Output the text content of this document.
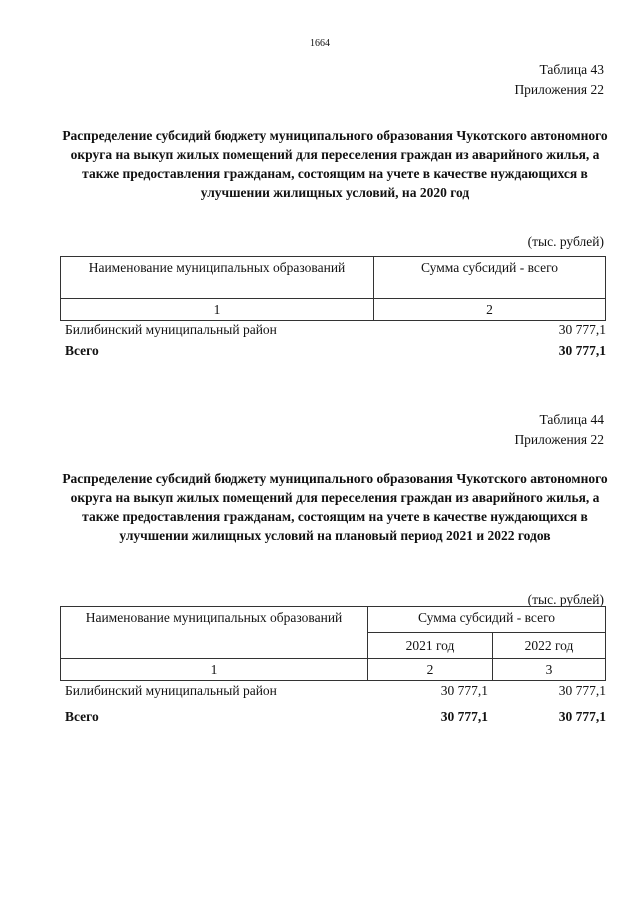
1664
Таблица 43
Приложения 22
Распределение субсидий бюджету муниципального образования Чукотского автономного округа на выкуп жилых помещений для переселения граждан из аварийного жилья, а также предоставления гражданам, состоящим на учете в качестве нуждающихся в улучшении жилищных условий, на 2020 год
(тыс. рублей)
Наименование муниципальных образований	Сумма субсидий - всего
1	2
Билибинский муниципальный район	30 777,1
Всего	30 777,1
Таблица 44
Приложения 22
Распределение субсидий бюджету муниципального образования Чукотского автономного округа на выкуп жилых помещений для переселения граждан из аварийного жилья, а также предоставления гражданам, состоящим на учете в качестве нуждающихся в улучшении жилищных условий на плановый период 2021 и 2022 годов
(тыс. рублей)
Наименование муниципальных образований	Сумма субсидий - всего	
	2021 год	2022 год
1	2	3
Билибинский муниципальный район	30 777,1	30 777,1
Всего	30 777,1	30 777,1
